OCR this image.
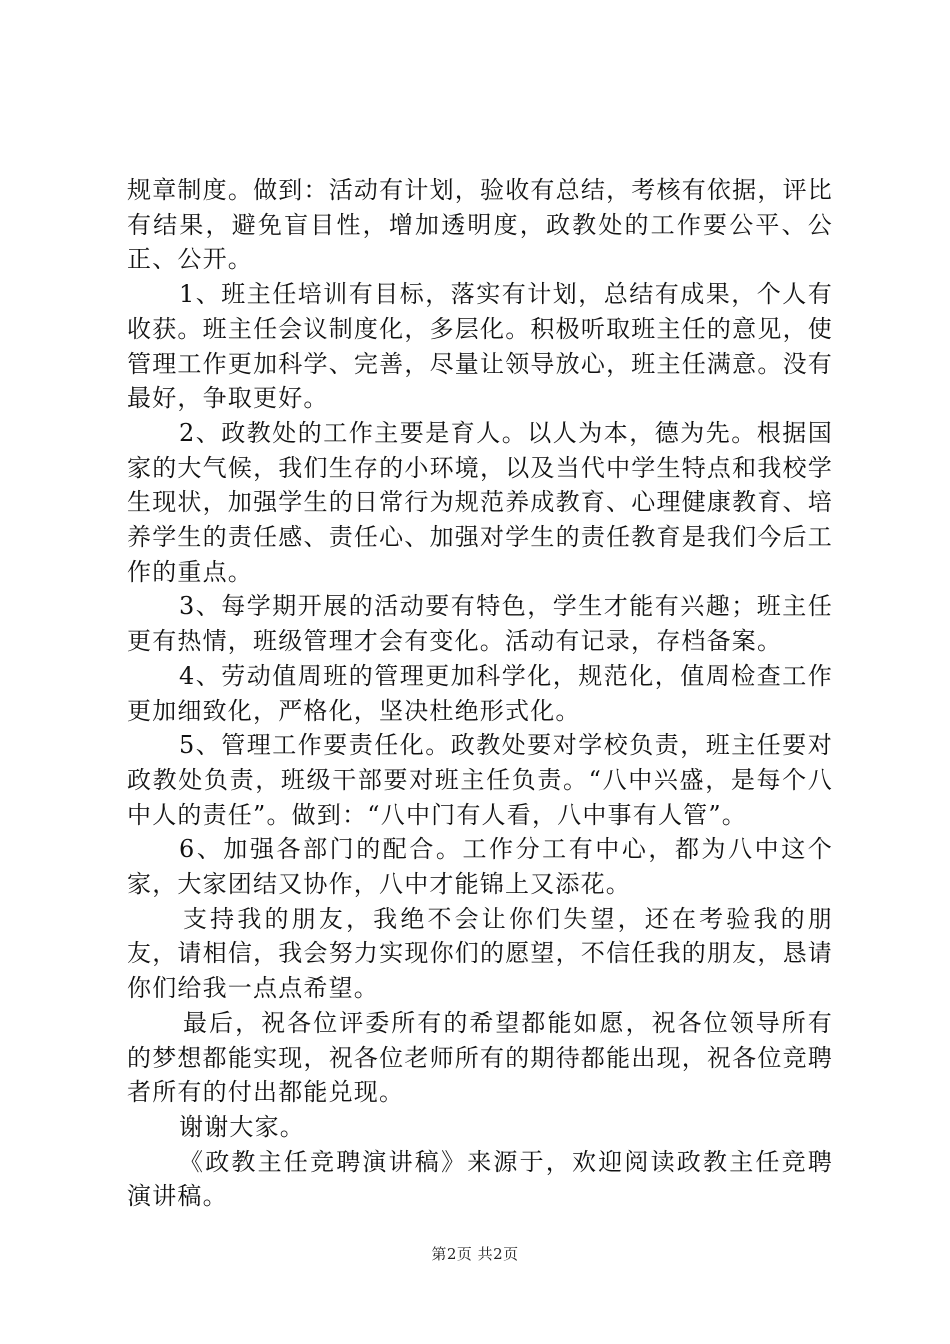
规章制度。做到：活动有计划，验收有总结，考核有依据，评比有结果，避免盲目性，增加透明度，政教处的工作要公平、公正、公开。

1、班主任培训有目标，落实有计划，总结有成果，个人有收获。班主任会议制度化，多层化。积极听取班主任的意见，使管理工作更加科学、完善，尽量让领导放心，班主任满意。没有最好，争取更好。

2、政教处的工作主要是育人。以人为本，德为先。根据国家的大气候，我们生存的小环境，以及当代中学生特点和我校学生现状，加强学生的日常行为规范养成教育、心理健康教育、培养学生的责任感、责任心、加强对学生的责任教育是我们今后工作的重点。

3、每学期开展的活动要有特色，学生才能有兴趣；班主任更有热情，班级管理才会有变化。活动有记录，存档备案。

4、劳动值周班的管理更加科学化，规范化，值周检查工作更加细致化，严格化，坚决杜绝形式化。

5、管理工作要责任化。政教处要对学校负责，班主任要对政教处负责，班级干部要对班主任负责。“八中兴盛，是每个八中人的责任”。做到：“八中门有人看，八中事有人管”。

6、加强各部门的配合。工作分工有中心，都为八中这个家，大家团结又协作，八中才能锦上又添花。

支持我的朋友，我绝不会让你们失望，还在考验我的朋友，请相信，我会努力实现你们的愿望，不信任我的朋友，恳请你们给我一点点希望。

最后，祝各位评委所有的希望都能如愿，祝各位领导所有的梦想都能实现，祝各位老师所有的期待都能出现，祝各位竞聘者所有的付出都能兑现。

谢谢大家。

《政教主任竞聘演讲稿》来源于，欢迎阅读政教主任竞聘演讲稿。

第2页 共2页
